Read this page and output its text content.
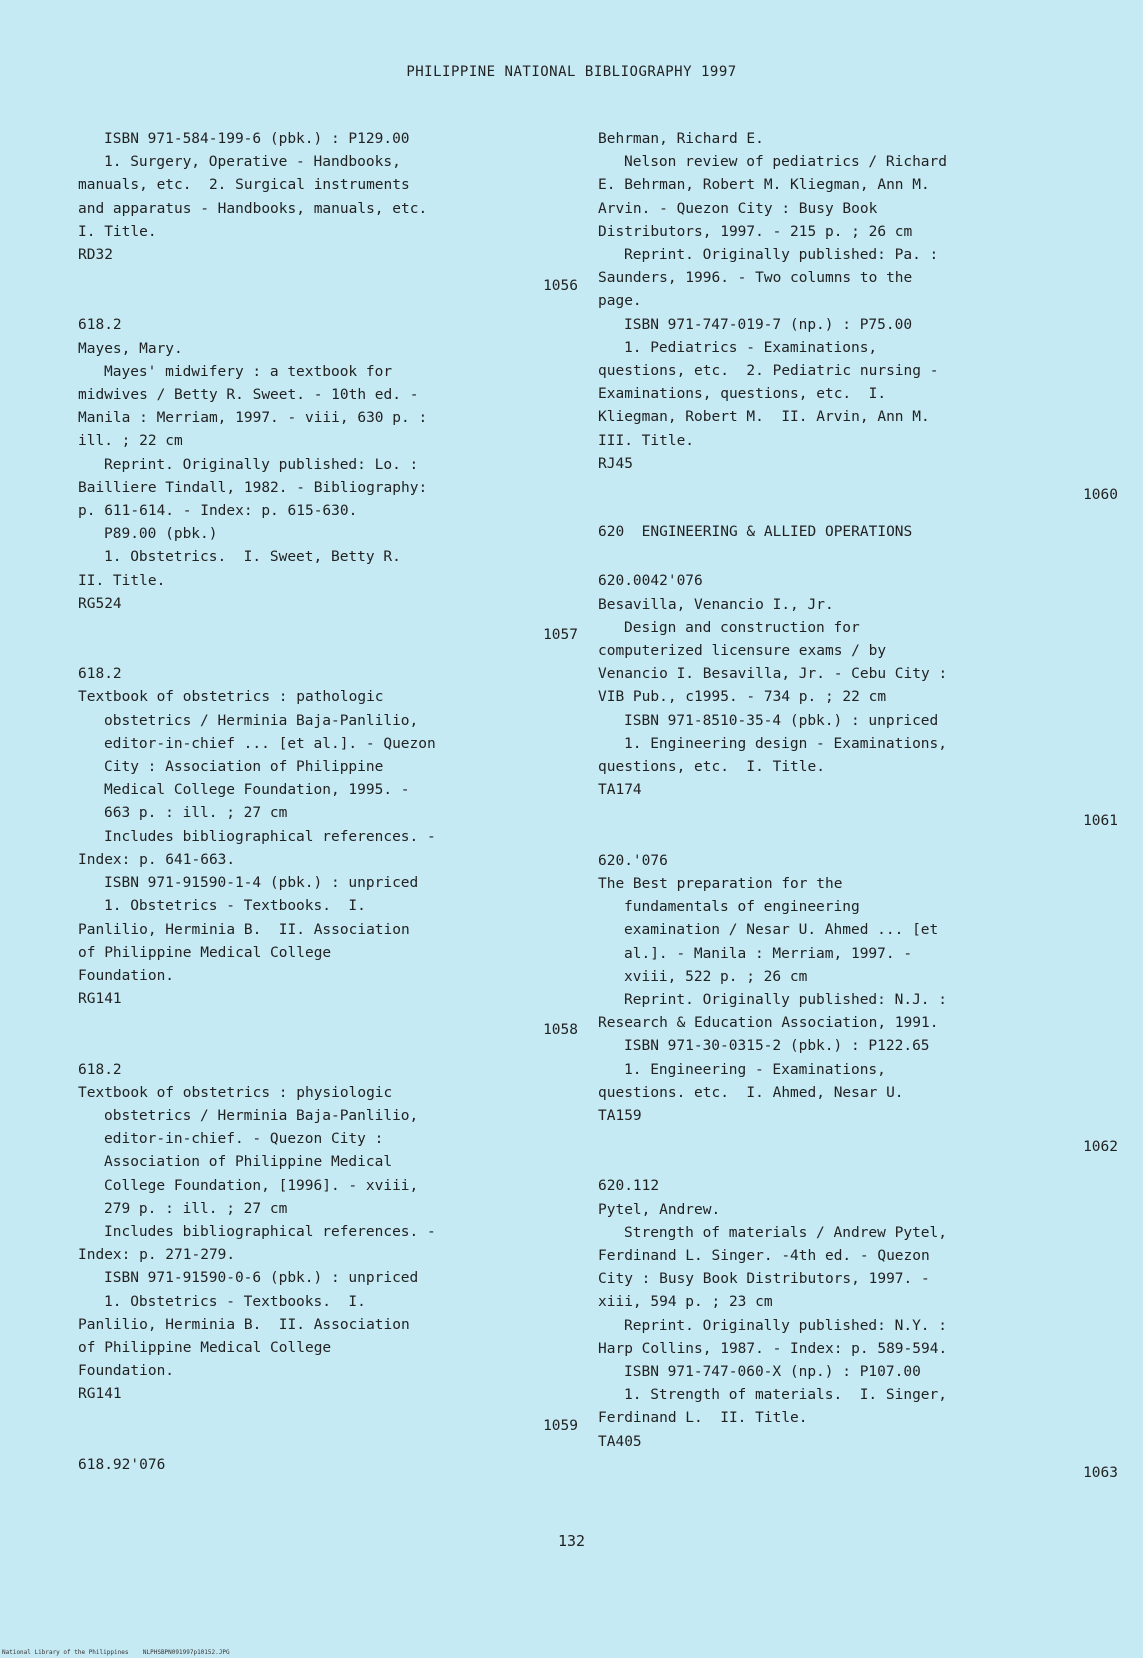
PHILIPPINE NATIONAL BIBLIOGRAPHY 1997
ISBN 971-584-199-6 (pbk.) : P129.00
1. Surgery, Operative - Handbooks,
manuals, etc.  2. Surgical instruments
and apparatus - Handbooks, manuals, etc.
I. Title.
RD32
1056
618.2
Mayes, Mary.
Mayes' midwifery : a textbook for
midwives / Betty R. Sweet. - 10th ed. -
Manila : Merriam, 1997. - viii, 630 p. :
ill. ; 22 cm
Reprint. Originally published: Lo. :
Bailliere Tindall, 1982. - Bibliography:
p. 611-614. - Index: p. 615-630.
P89.00 (pbk.)
1. Obstetrics.  I. Sweet, Betty R.
II. Title.
RG524
1057
618.2
Textbook of obstetrics : pathologic
obstetrics / Herminia Baja-Panlilio,
editor-in-chief ... [et al.]. - Quezon
City : Association of Philippine
Medical College Foundation, 1995. -
663 p. : ill. ; 27 cm
Includes bibliographical references. -
Index: p. 641-663.
ISBN 971-91590-1-4 (pbk.) : unpriced
1. Obstetrics - Textbooks.  I.
Panlilio, Herminia B.  II. Association
of Philippine Medical College
Foundation.
RG141
1058
618.2
Textbook of obstetrics : physiologic
obstetrics / Herminia Baja-Panlilio,
editor-in-chief. - Quezon City :
Association of Philippine Medical
College Foundation, [1996]. - xviii,
279 p. : ill. ; 27 cm
Includes bibliographical references. -
Index: p. 271-279.
ISBN 971-91590-0-6 (pbk.) : unpriced
1. Obstetrics - Textbooks.  I.
Panlilio, Herminia B.  II. Association
of Philippine Medical College
Foundation.
RG141
1059
618.92'076
Behrman, Richard E.
Nelson review of pediatrics / Richard
E. Behrman, Robert M. Kliegman, Ann M.
Arvin. - Quezon City : Busy Book
Distributors, 1997. - 215 p. ; 26 cm
Reprint. Originally published: Pa. :
Saunders, 1996. - Two columns to the
page.
ISBN 971-747-019-7 (np.) : P75.00
1. Pediatrics - Examinations,
questions, etc.  2. Pediatric nursing -
Examinations, questions, etc.  I.
Kliegman, Robert M.  II. Arvin, Ann M.
III. Title.
RJ45
1060
620  ENGINEERING & ALLIED OPERATIONS
620.0042'076
Besavilla, Venancio I., Jr.
Design and construction for
computerized licensure exams / by
Venancio I. Besavilla, Jr. - Cebu City :
VIB Pub., c1995. - 734 p. ; 22 cm
ISBN 971-8510-35-4 (pbk.) : unpriced
1. Engineering design - Examinations,
questions, etc.  I. Title.
TA174
1061
620.'076
The Best preparation for the
fundamentals of engineering
examination / Nesar U. Ahmed ... [et
al.]. - Manila : Merriam, 1997. -
xviii, 522 p. ; 26 cm
Reprint. Originally published: N.J. :
Research & Education Association, 1991.
ISBN 971-30-0315-2 (pbk.) : P122.65
1. Engineering - Examinations,
questions. etc.  I. Ahmed, Nesar U.
TA159
1062
620.112
Pytel, Andrew.
Strength of materials / Andrew Pytel,
Ferdinand L. Singer. -4th ed. - Quezon
City : Busy Book Distributors, 1997. -
xiii, 594 p. ; 23 cm
Reprint. Originally published: N.Y. :
Harp Collins, 1987. - Index: p. 589-594.
ISBN 971-747-060-X (np.) : P107.00
1. Strength of materials.  I. Singer,
Ferdinand L.  II. Title.
TA405
1063
132
National Library of the Philippines    NLPHSBPN091997p10152.JPG
